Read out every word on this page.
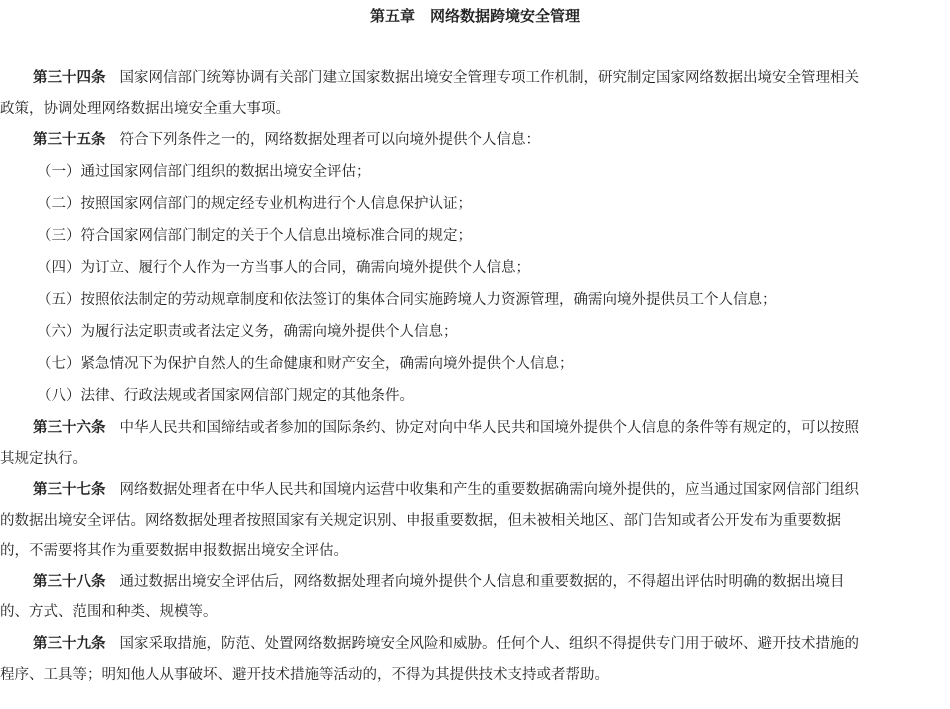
第五章　网络数据跨境安全管理
第三十四条 国家网信部门统筹协调有关部门建立国家数据出境安全管理专项工作机制，研究制定国家网络数据出境安全管理相关
政策，协调处理网络数据出境安全重大事项。
第三十五条 符合下列条件之一的，网络数据处理者可以向境外提供个人信息：
（一）通过国家网信部门组织的数据出境安全评估；
（二）按照国家网信部门的规定经专业机构进行个人信息保护认证；
（三）符合国家网信部门制定的关于个人信息出境标准合同的规定；
（四）为订立、履行个人作为一方当事人的合同，确需向境外提供个人信息；
（五）按照依法制定的劳动规章制度和依法签订的集体合同实施跨境人力资源管理，确需向境外提供员工个人信息；
（六）为履行法定职责或者法定义务，确需向境外提供个人信息；
（七）紧急情况下为保护自然人的生命健康和财产安全，确需向境外提供个人信息；
（八）法律、行政法规或者国家网信部门规定的其他条件。
第三十六条 中华人民共和国缔结或者参加的国际条约、协定对向中华人民共和国境外提供个人信息的条件等有规定的，可以按照
其规定执行。
第三十七条 网络数据处理者在中华人民共和国境内运营中收集和产生的重要数据确需向境外提供的，应当通过国家网信部门组织
的数据出境安全评估。网络数据处理者按照国家有关规定识别、申报重要数据，但未被相关地区、部门告知或者公开发布为重要数据
的，不需要将其作为重要数据申报数据出境安全评估。
第三十八条 通过数据出境安全评估后，网络数据处理者向境外提供个人信息和重要数据的，不得超出评估时明确的数据出境目
的、方式、范围和种类、规模等。
第三十九条 国家采取措施，防范、处置网络数据跨境安全风险和威胁。任何个人、组织不得提供专门用于破坏、避开技术措施的
程序、工具等；明知他人从事破坏、避开技术措施等活动的，不得为其提供技术支持或者帮助。
